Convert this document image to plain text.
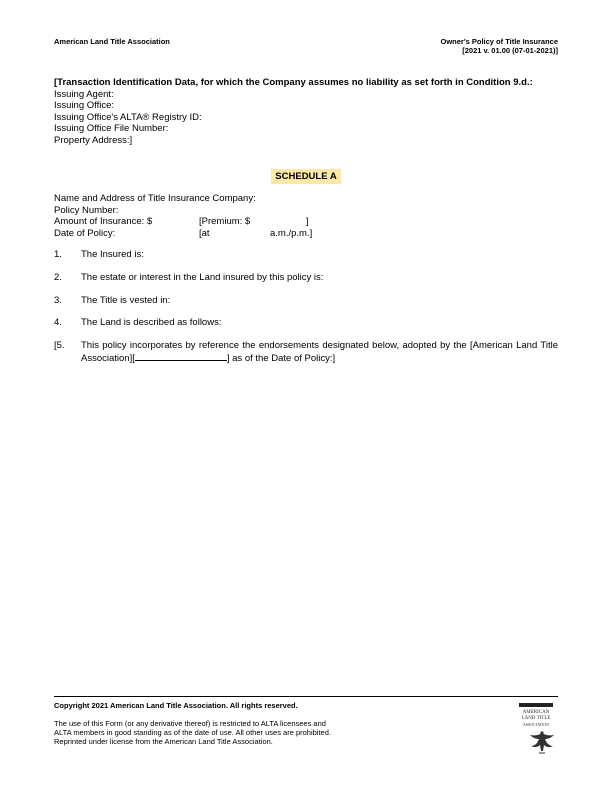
American Land Title Association	Owner's Policy of Title Insurance
[2021 v. 01.00 (07-01-2021)]
[Transaction Identification Data, for which the Company assumes no liability as set forth in Condition 9.d.:
Issuing Agent:
Issuing Office:
Issuing Office's ALTA® Registry ID:
Issuing Office File Number:
Property Address:]
SCHEDULE A
Name and Address of Title Insurance Company:
Policy Number:
Amount of Insurance: $	[Premium: $	]
Date of Policy:	[at	a.m./p.m.]
1. The Insured is:
2. The estate or interest in the Land insured by this policy is:
3. The Title is vested in:
4. The Land is described as follows:
[5. This policy incorporates by reference the endorsements designated below, adopted by the [American Land Title Association][	] as of the Date of Policy:]
Copyright 2021 American Land Title Association. All rights reserved.
The use of this Form (or any derivative thereof) is restricted to ALTA licensees and
ALTA members in good standing as of the date of use. All other uses are prohibited.
Reprinted under license from the American Land Title Association.
AMERICAN
LAND TITLE
ASSOCIATION
